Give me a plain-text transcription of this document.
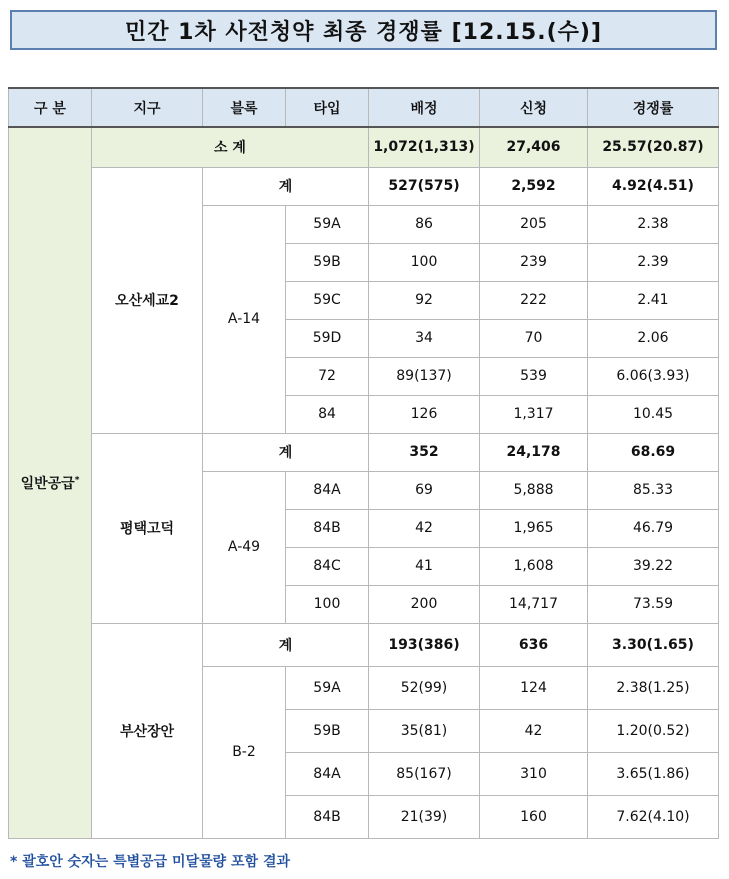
민간 1차 사전청약 최종 경쟁률 [12.15.(수)]
구 분	지구	블록	타입	배정	신청	경쟁률
일반공급*	소 계			1,072(1,313)	27,406	25.57(20.87)
	오산세교2	계		527(575)	2,592	4.92(4.51)
		A-14	59A	86	205	2.38
			59B	100	239	2.39
			59C	92	222	2.41
			59D	34	70	2.06
			72	89(137)	539	6.06(3.93)
			84	126	1,317	10.45
	평택고덕	계		352	24,178	68.69
		A-49	84A	69	5,888	85.33
			84B	42	1,965	46.79
			84C	41	1,608	39.22
			100	200	14,717	73.59
	부산장안	계		193(386)	636	3.30(1.65)
		B-2	59A	52(99)	124	2.38(1.25)
			59B	35(81)	42	1.20(0.52)
			84A	85(167)	310	3.65(1.86)
			84B	21(39)	160	7.62(4.10)
* 괄호안 숫자는 특별공급 미달물량 포함 결과
